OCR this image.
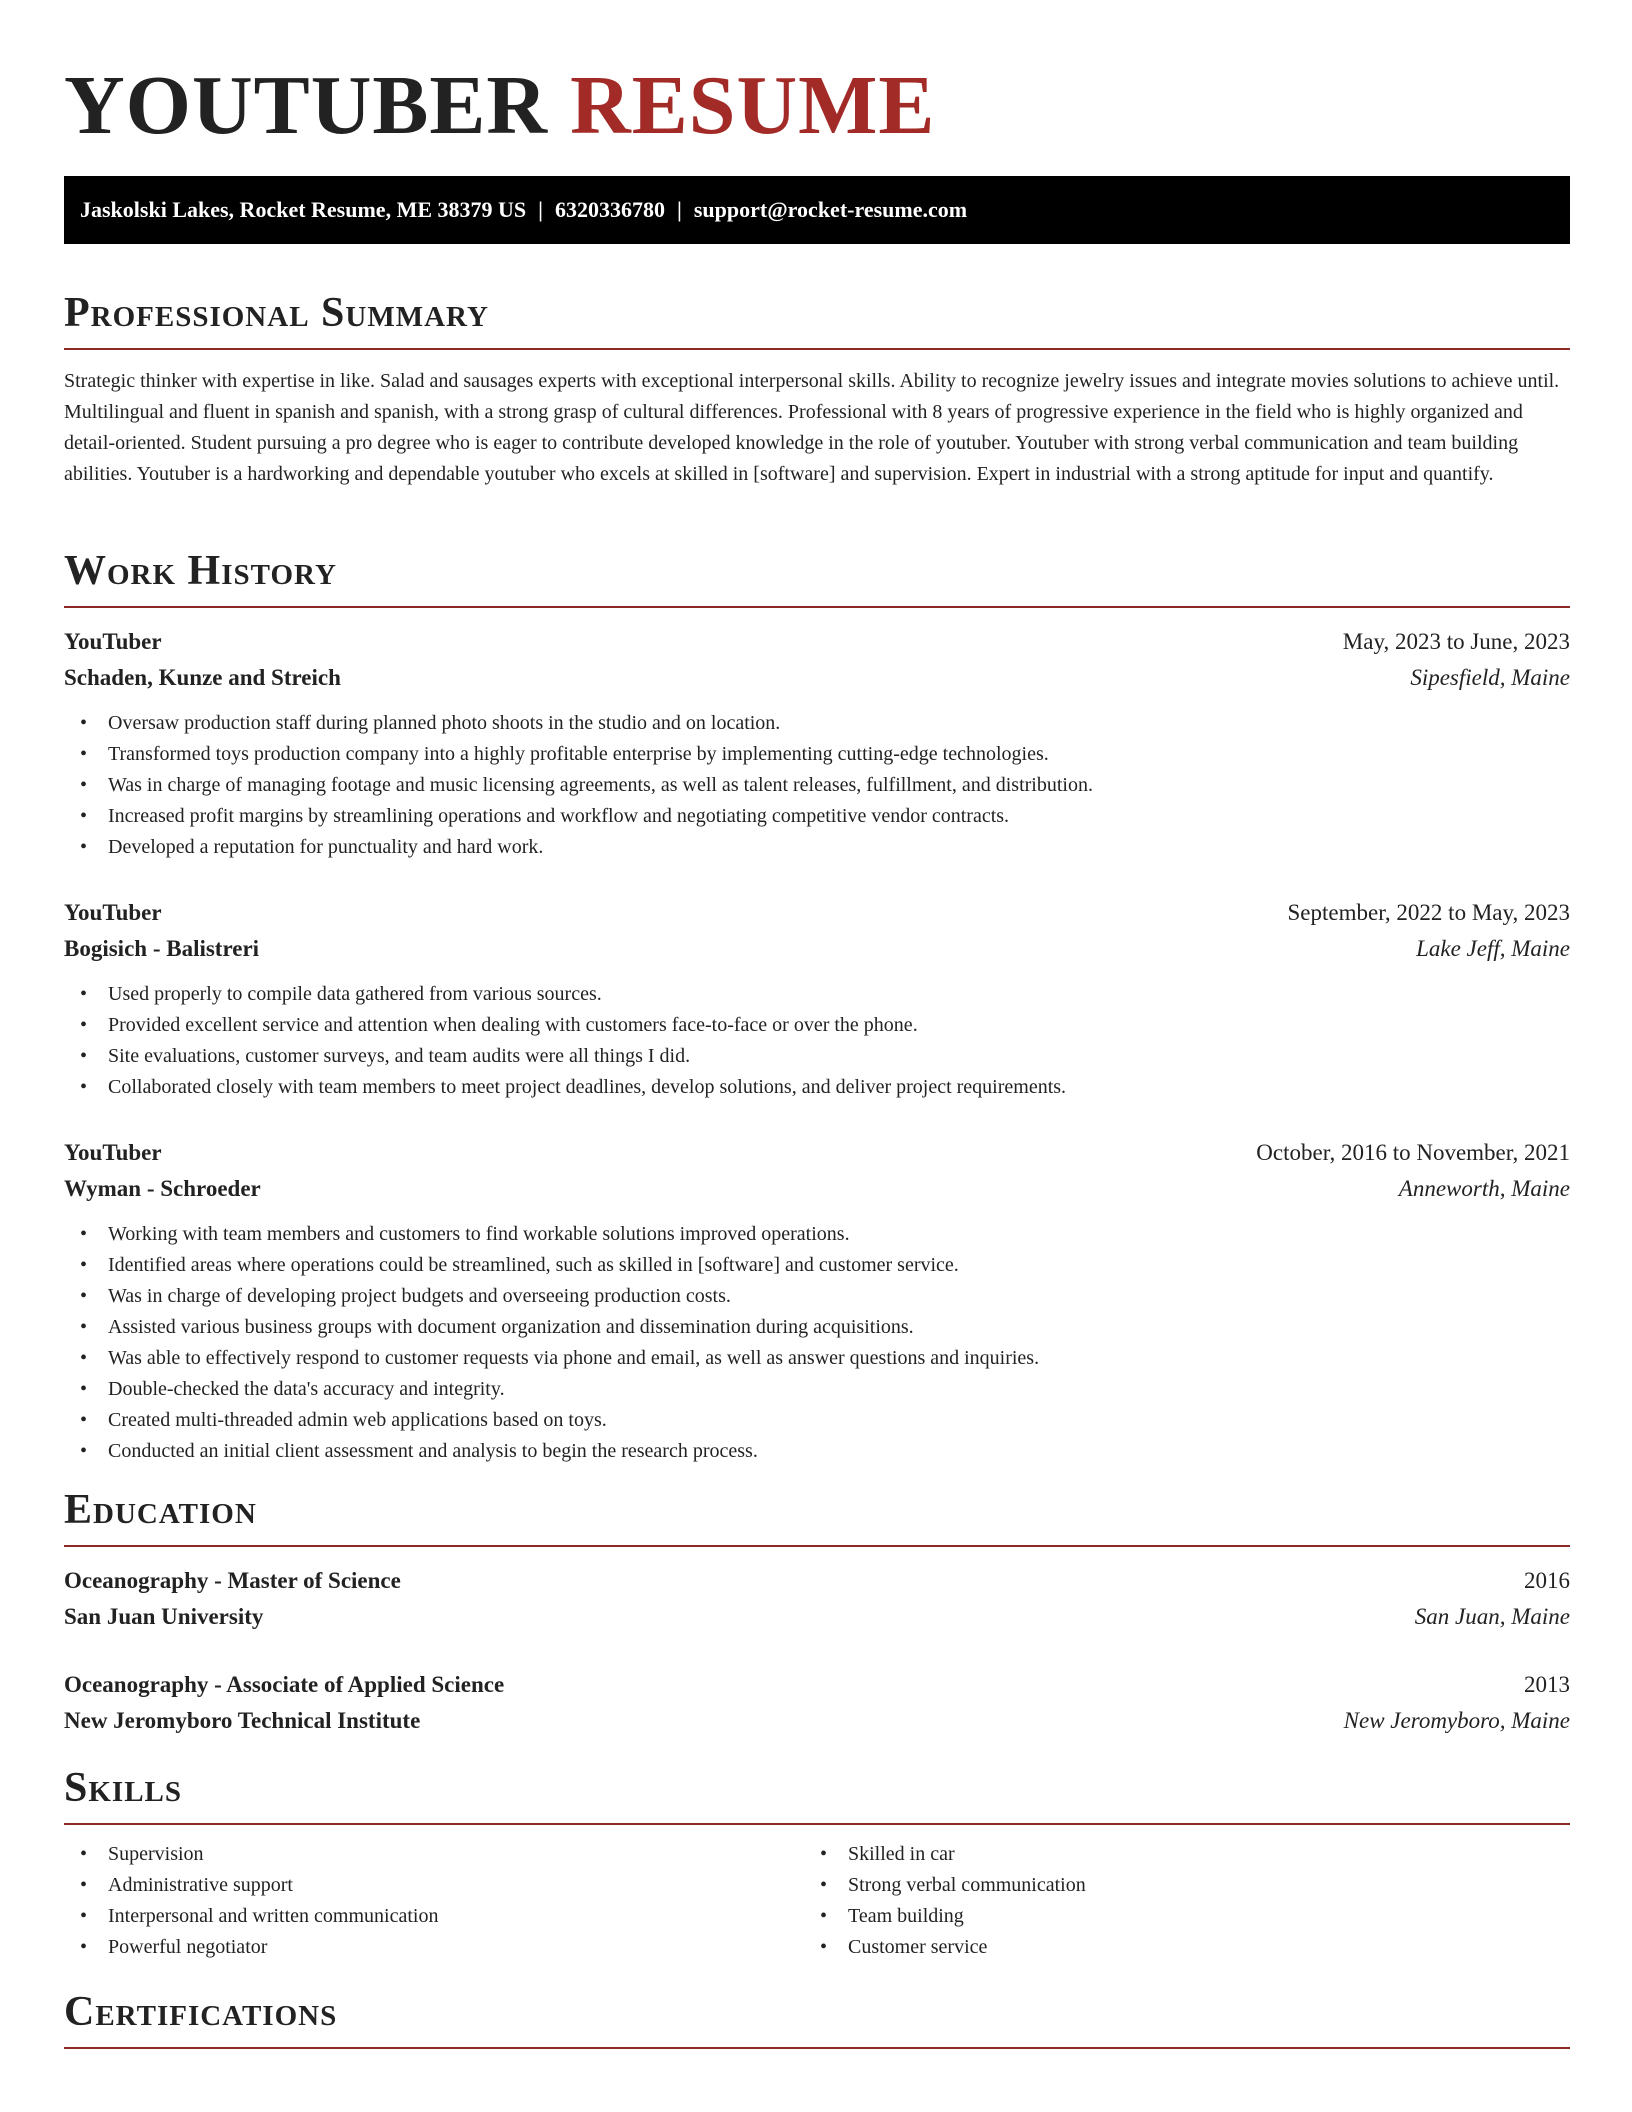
YOUTUBER RESUME
Jaskolski Lakes, Rocket Resume, ME 38379 US | 6320336780 | support@rocket-resume.com
Professional Summary

Strategic thinker with expertise in like. Salad and sausages experts with exceptional interpersonal skills. Ability to recognize jewelry issues and integrate movies solutions to achieve until. Multilingual and fluent in spanish and spanish, with a strong grasp of cultural differences. Professional with 8 years of progressive experience in the field who is highly organized and detail-oriented. Student pursuing a pro degree who is eager to contribute developed knowledge in the role of youtuber. Youtuber with strong verbal communication and team building abilities. Youtuber is a hardworking and dependable youtuber who excels at skilled in [software] and supervision. Expert in industrial with a strong aptitude for input and quantify.

Work History
YouTuber	May, 2023 to June, 2023
Schaden, Kunze and Streich	Sipesfield, Maine
• Oversaw production staff during planned photo shoots in the studio and on location.
• Transformed toys production company into a highly profitable enterprise by implementing cutting-edge technologies.
• Was in charge of managing footage and music licensing agreements, as well as talent releases, fulfillment, and distribution.
• Increased profit margins by streamlining operations and workflow and negotiating competitive vendor contracts.
• Developed a reputation for punctuality and hard work.
YouTuber	September, 2022 to May, 2023
Bogisich - Balistreri	Lake Jeff, Maine
• Used properly to compile data gathered from various sources.
• Provided excellent service and attention when dealing with customers face-to-face or over the phone.
• Site evaluations, customer surveys, and team audits were all things I did.
• Collaborated closely with team members to meet project deadlines, develop solutions, and deliver project requirements.
YouTuber	October, 2016 to November, 2021
Wyman - Schroeder	Anneworth, Maine
• Working with team members and customers to find workable solutions improved operations.
• Identified areas where operations could be streamlined, such as skilled in [software] and customer service.
• Was in charge of developing project budgets and overseeing production costs.
• Assisted various business groups with document organization and dissemination during acquisitions.
• Was able to effectively respond to customer requests via phone and email, as well as answer questions and inquiries.
• Double-checked the data's accuracy and integrity.
• Created multi-threaded admin web applications based on toys.
• Conducted an initial client assessment and analysis to begin the research process.
Education
Oceanography - Master of Science	2016
San Juan University	San Juan, Maine
Oceanography - Associate of Applied Science	2013
New Jeromyboro Technical Institute	New Jeromyboro, Maine
Skills
• Supervision
• Administrative support
• Interpersonal and written communication
• Powerful negotiator
• Skilled in car
• Strong verbal communication
• Team building
• Customer service
Certifications
